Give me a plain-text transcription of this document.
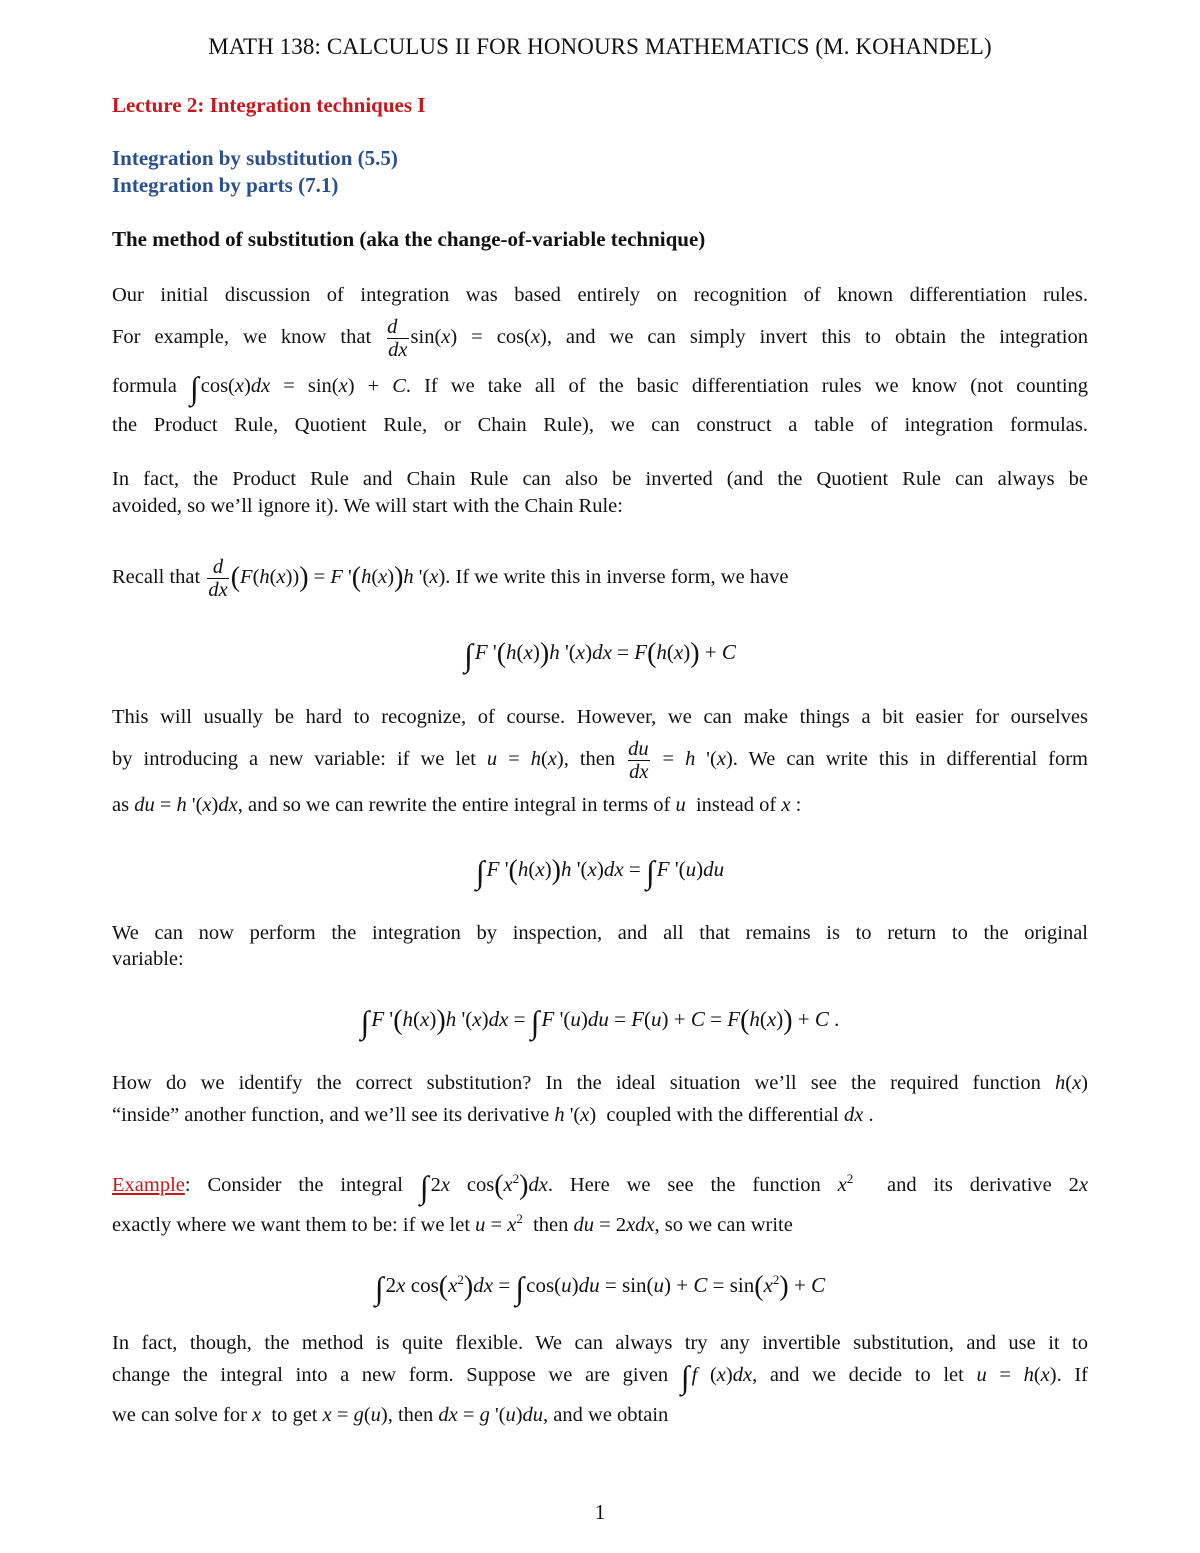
MATH 138: CALCULUS II FOR HONOURS MATHEMATICS (M. KOHANDEL)
Lecture 2: Integration techniques I
Integration by substitution (5.5)
Integration by parts (7.1)
The method of substitution (aka the change-of-variable technique)
Our initial discussion of integration was based entirely on recognition of known differentiation rules.
For example, we know that $\frac{d}{dx} \sin(x) = \cos(x)$, and we can simply invert this to obtain the integration
formula ∫cos(x)dx = sin(x) + C. If we take all of the basic differentiation rules we know (not counting
the Product Rule, Quotient Rule, or Chain Rule), we can construct a table of integration formulas.
In fact, the Product Rule and Chain Rule can also be inverted (and the Quotient Rule can always be
avoided, so we’ll ignore it). We will start with the Chain Rule:
Recall that $\frac{d}{dx} (F(h(x))) = F$ '(h(x))h '(x). If we write this in inverse form, we have
∫F '(h(x))h '(x)dx = F(h(x)) + C
This will usually be hard to recognize, of course. However, we can make things a bit easier for ourselves
by introducing a new variable: if we let u = h(x), then $\frac{du}{dx} = h$ '(x). We can write this in differential form
as du = h '(x)dx, and so we can rewrite the entire integral in terms of u instead of x :
∫F '(h(x))h '(x)dx = ∫F '(u)du
We can now perform the integration by inspection, and all that remains is to return to the original
variable:
∫F '(h(x))h '(x)dx = ∫F '(u)du = F(u) + C = F(h(x)) + C .
How do we identify the correct substitution? In the ideal situation we’ll see the required function h(x)
“inside” another function, and we’ll see its derivative h '(x)  coupled with the differential dx .
Example: Consider the integral ∫2x $\cos(x^2)dx$. Here we see the function $x^2$ and its derivative 2x
exactly where we want them to be: if we let $u = x^2$ then du = 2xdx, so we can write
∫2x $\cos(x^2)dx = \int\cos(u)du = \sin(u) + C = \sin(x^2) + C$
In fact, though, the method is quite flexible. We can always try any invertible substitution, and use it to
change the integral into a new form. Suppose we are given ∫f (x)dx, and we decide to let u = h(x). If
we can solve for x to get x = g(u), then dx = g '(u)du, and we obtain
1
